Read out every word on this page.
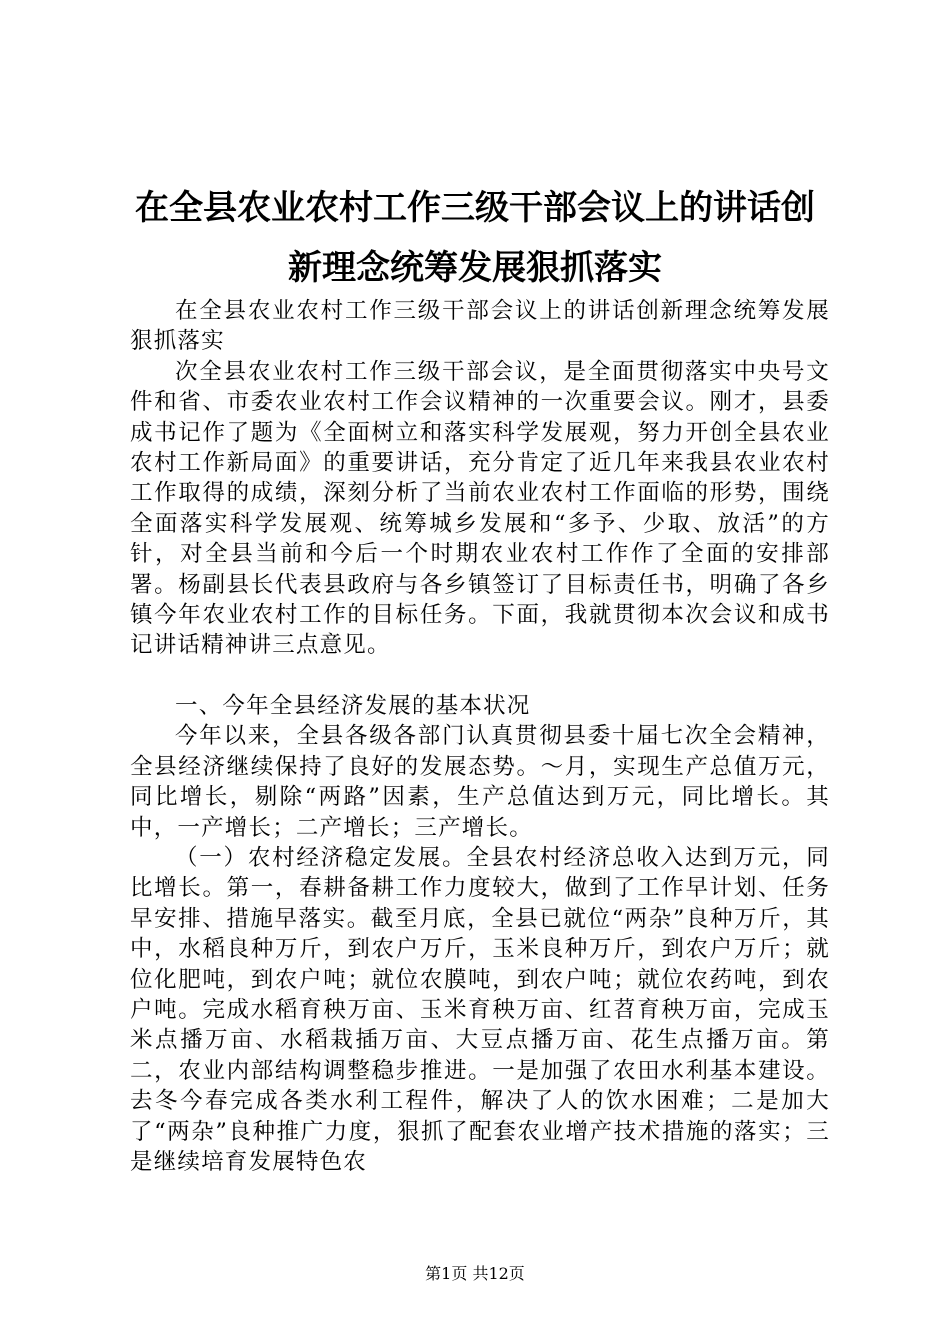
在全县农业农村工作三级干部会议上的讲话创
新理念统筹发展狠抓落实

在全县农业农村工作三级干部会议上的讲话创新理念统筹发展狠抓落实

次全县农业农村工作三级干部会议，是全面贯彻落实中央号文件和省、市委农业农村工作会议精神的一次重要会议。刚才，县委成书记作了题为《全面树立和落实科学发展观，努力开创全县农业农村工作新局面》的重要讲话，充分肯定了近几年来我县农业农村工作取得的成绩，深刻分析了当前农业农村工作面临的形势，围绕全面落实科学发展观、统筹城乡发展和“多予、少取、放活”的方针，对全县当前和今后一个时期农业农村工作作了全面的安排部署。杨副县长代表县政府与各乡镇签订了目标责任书，明确了各乡镇今年农业农村工作的目标任务。下面，我就贯彻本次会议和成书记讲话精神讲三点意见。

一、今年全县经济发展的基本状况

今年以来，全县各级各部门认真贯彻县委十届七次全会精神，全县经济继续保持了良好的发展态势。～月，实现生产总值万元，同比增长，剔除“两路”因素，生产总值达到万元，同比增长。其中，一产增长；二产增长；三产增长。

（一）农村经济稳定发展。全县农村经济总收入达到万元，同比增长。第一，春耕备耕工作力度较大，做到了工作早计划、任务早安排、措施早落实。截至月底，全县已就位“两杂”良种万斤，其中，水稻良种万斤，到农户万斤，玉米良种万斤，到农户万斤；就位化肥吨，到农户吨；就位农膜吨，到农户吨；就位农药吨，到农户吨。完成水稻育秧万亩、玉米育秧万亩、红苕育秧万亩，完成玉米点播万亩、水稻栽插万亩、大豆点播万亩、花生点播万亩。第二，农业内部结构调整稳步推进。一是加强了农田水利基本建设。去冬今春完成各类水利工程件，解决了人的饮水困难；二是加大了“两杂”良种推广力度，狠抓了配套农业增产技术措施的落实；三是继续培育发展特色农

第1页 共12页
